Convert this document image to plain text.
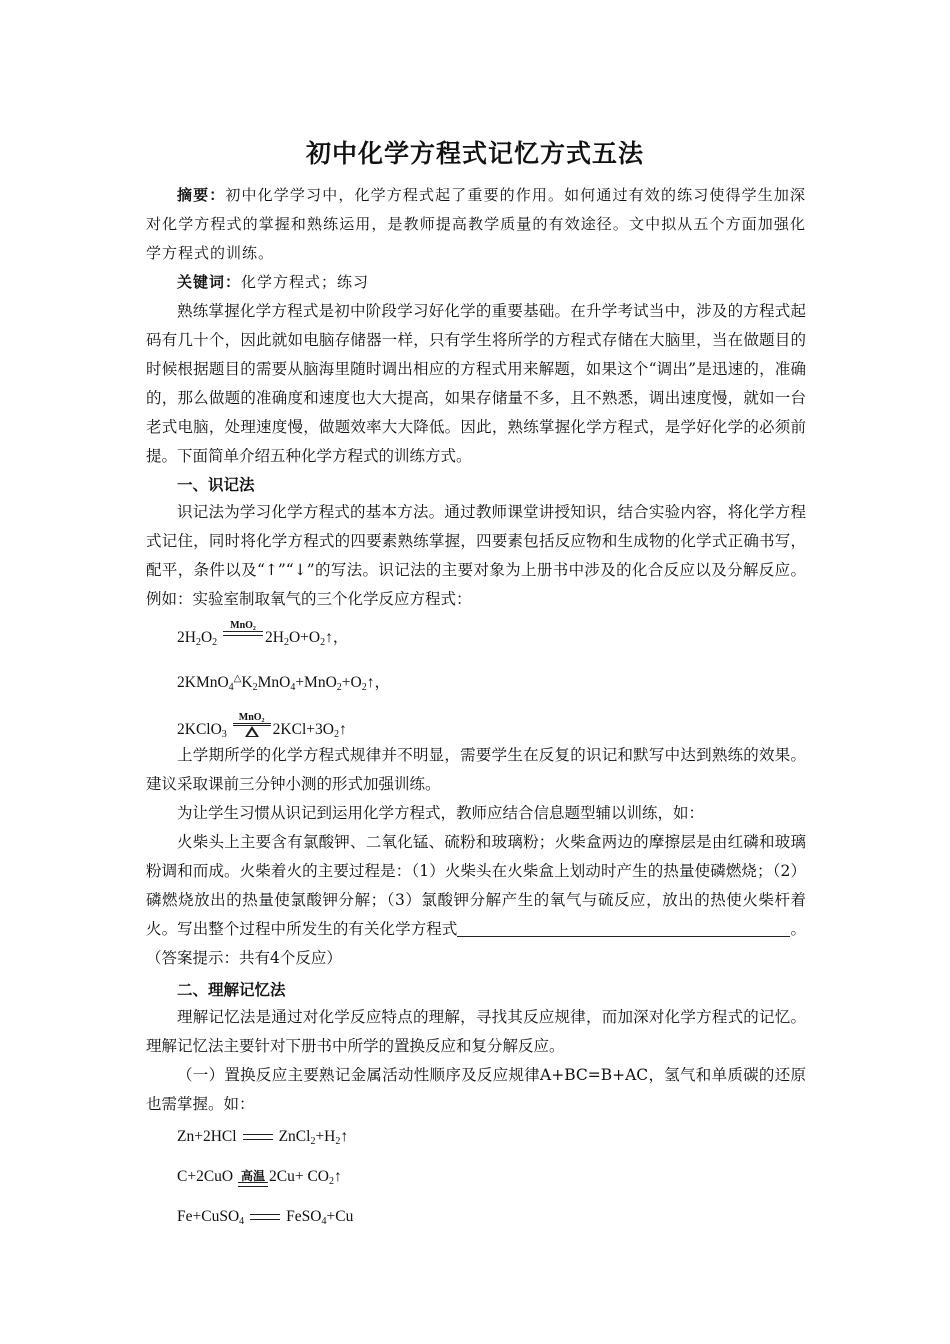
初中化学方程式记忆方式五法
摘要：初中化学学习中，化学方程式起了重要的作用。如何通过有效的练习使得学生加深对化学方程式的掌握和熟练运用，是教师提高教学质量的有效途径。文中拟从五个方面加强化学方程式的训练。
关键词：化学方程式；练习
熟练掌握化学方程式是初中阶段学习好化学的重要基础。在升学考试当中，涉及的方程式起码有几十个，因此就如电脑存储器一样，只有学生将所学的方程式存储在大脑里，当在做题目的时候根据题目的需要从脑海里随时调出相应的方程式用来解题，如果这个“调出”是迅速的，准确的，那么做题的准确度和速度也大大提高，如果存储量不多，且不熟悉，调出速度慢，就如一台老式电脑，处理速度慢，做题效率大大降低。因此，熟练掌握化学方程式，是学好化学的必须前提。下面简单介绍五种化学方程式的训练方式。
一、识记法
识记法为学习化学方程式的基本方法。通过教师课堂讲授知识，结合实验内容，将化学方程式记住，同时将化学方程式的四要素熟练掌握，四要素包括反应物和生成物的化学式正确书写，配平，条件以及“↑”“↓”的写法。识记法的主要对象为上册书中涉及的化合反应以及分解反应。例如：实验室制取氧气的三个化学反应方程式：
$2H_2O_2$
MnO₂
$2H_2O+O_2↑$，
$2KMnO_4^\triangle K_2MnO_4+MnO_2+O_2↑$，
2KClO$_3$
MnO₂
$2KCl+3O_2↑$
上学期所学的化学方程式规律并不明显，需要学生在反复的识记和默写中达到熟练的效果。建议采取课前三分钟小测的形式加强训练。
为让学生习惯从识记到运用化学方程式，教师应结合信息题型辅以训练，如：
火柴头上主要含有氯酸钾、二氧化锰、硫粉和玻璃粉；火柴盒两边的摩擦层是由红磷和玻璃粉调和而成。火柴着火的主要过程是：（1）火柴头在火柴盒上划动时产生的热量使磷燃烧；（2）磷燃烧放出的热量使氯酸钾分解；（3）氯酸钾分解产生的氧气与硫反应，放出的热使火柴杆着火。写出整个过程中所发生的有关化学方程式	。（答案提示：共有4个反应）
二、理解记忆法
理解记忆法是通过对化学反应特点的理解，寻找其反应规律，而加深对化学方程式的记忆。理解记忆法主要针对下册书中所学的置换反应和复分解反应。
（一）置换反应主要熟记金属活动性顺序及反应规律A+BC=B+AC，氢气和单质碳的还原也需掌握。如：
Zn+2HCl	$ZnCl_2+H_2↑$
C+2CuO 高温 $2Cu+ CO_2↑$
Fe+CuSO$_4$	FeSO$_4$+Cu
